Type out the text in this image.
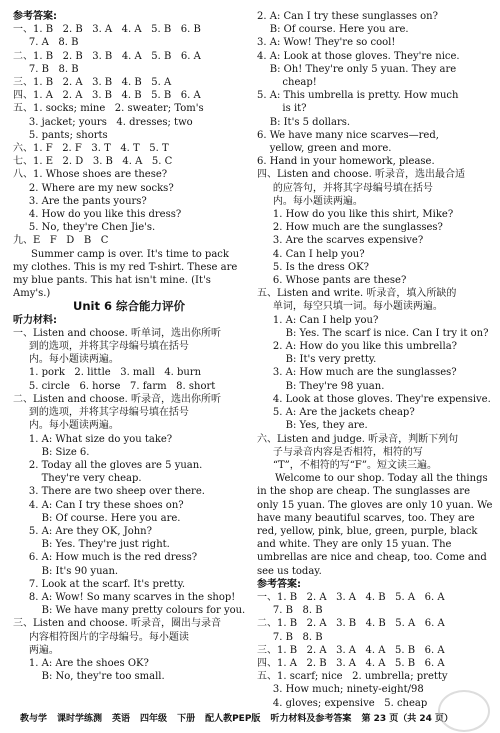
参考答案:
一、1. B   2. B   3. A   4. A   5. B   6. B
7. A   8. B
二、1. B   2. B   3. B   4. A   5. B   6. A
7. B   8. B
三、1. B   2. A   3. B   4. B   5. A
四、1. A   2. A   3. B   4. B   5. B   6. A
五、1. socks; mine   2. sweater; Tom's
3. jacket; yours   4. dresses; two
5. pants; shorts
六、1. F   2. F   3. T   4. T   5. T
七、1. E   2. D   3. B   4. A   5. C
八、1. Whose shoes are these?
2. Where are my new socks?
3. Are the pants yours?
4. How do you like this dress?
5. No, they're Chen Jie's.
九、E   F   D   B   C
Summer camp is over. It's time to pack my clothes. This is my red T-shirt. These are my blue pants. This hat isn't mine. (It's Amy's.)
Unit 6 综合能力评价
听力材料:
一、Listen and choose. 听单词，选出你所听
到的选项，并将其字母编号填在括号
内。每小题读两遍。
1. pork   2. little   3. mall   4. burn
5. circle   6. horse   7. farm   8. short
二、Listen and choose. 听录音，选出你所听
到的选项，并将其字母编号填在括号
内。每小题读两遍。
1. A: What size do you take?
B: Size 6.
2. Today all the gloves are 5 yuan.
They're very cheap.
3. There are two sheep over there.
4. A: Can I try these shoes on?
B: Of course. Here you are.
5. A: Are they OK, John?
B: Yes. They're just right.
6. A: How much is the red dress?
B: It's 90 yuan.
7. Look at the scarf. It's pretty.
8. A: Wow! So many scarves in the shop!
B: We have many pretty colours for you.
三、Listen and choose. 听录音，圈出与录音
内容相符图片的字母编号。每小题读
两遍。
1. A: Are the shoes OK?
B: No, they're too small.
2. A: Can I try these sunglasses on?
B: Of course. Here you are.
3. A: Wow! They're so cool!
4. A: Look at those gloves. They're nice.
B: Oh! They're only 5 yuan. They are
cheap!
5. A: This umbrella is pretty. How much
is it?
B: It's 5 dollars.
6. We have many nice scarves—red,
yellow, green and more.
6. Hand in your homework, please.
四、Listen and choose. 听录音，选出最合适
的应答句，并将其字母编号填在括号
内。每小题读两遍。
1. How do you like this shirt, Mike?
2. How much are the sunglasses?
3. Are the scarves expensive?
4. Can I help you?
5. Is the dress OK?
6. Whose pants are these?
五、Listen and write. 听录音，填入所缺的
单词，每空只填一词。每小题读两遍。
1. A: Can I help you?
B: Yes. The scarf is nice. Can I try it on?
2. A: How do you like this umbrella?
B: It's very pretty.
3. A: How much are the sunglasses?
B: They're 98 yuan.
4. Look at those gloves. They're expensive.
5. A: Are the jackets cheap?
B: Yes, they are.
六、Listen and judge. 听录音，判断下列句
子与录音内容是否相符，相符的写
“T”，不相符的写“F”。短文读三遍。
Welcome to our shop. Today all the things in the shop are cheap. The sunglasses are only 15 yuan. The gloves are only 10 yuan. We have many beautiful scarves, too. They are red, yellow, pink, blue, green, purple, black and white. They are only 15 yuan. The umbrellas are nice and cheap, too. Come and see us today.
参考答案:
一、1. B   2. A   3. A   4. B   5. A   6. A
7. B   8. B
二、1. B   2. A   3. B   4. B   5. A   6. A
7. B   8. B
三、1. B   2. A   3. A   4. A   5. B   6. A
四、1. A   2. B   3. A   4. A   5. B   6. A
五、1. scarf; nice   2. umbrella; pretty
3. How much; ninety-eight/98
4. gloves; expensive   5. cheap
教与学 课时学练测 英语 四年级 下册 配人教PEP版 听力材料及参考答案 第 23 页（共 24 页）
